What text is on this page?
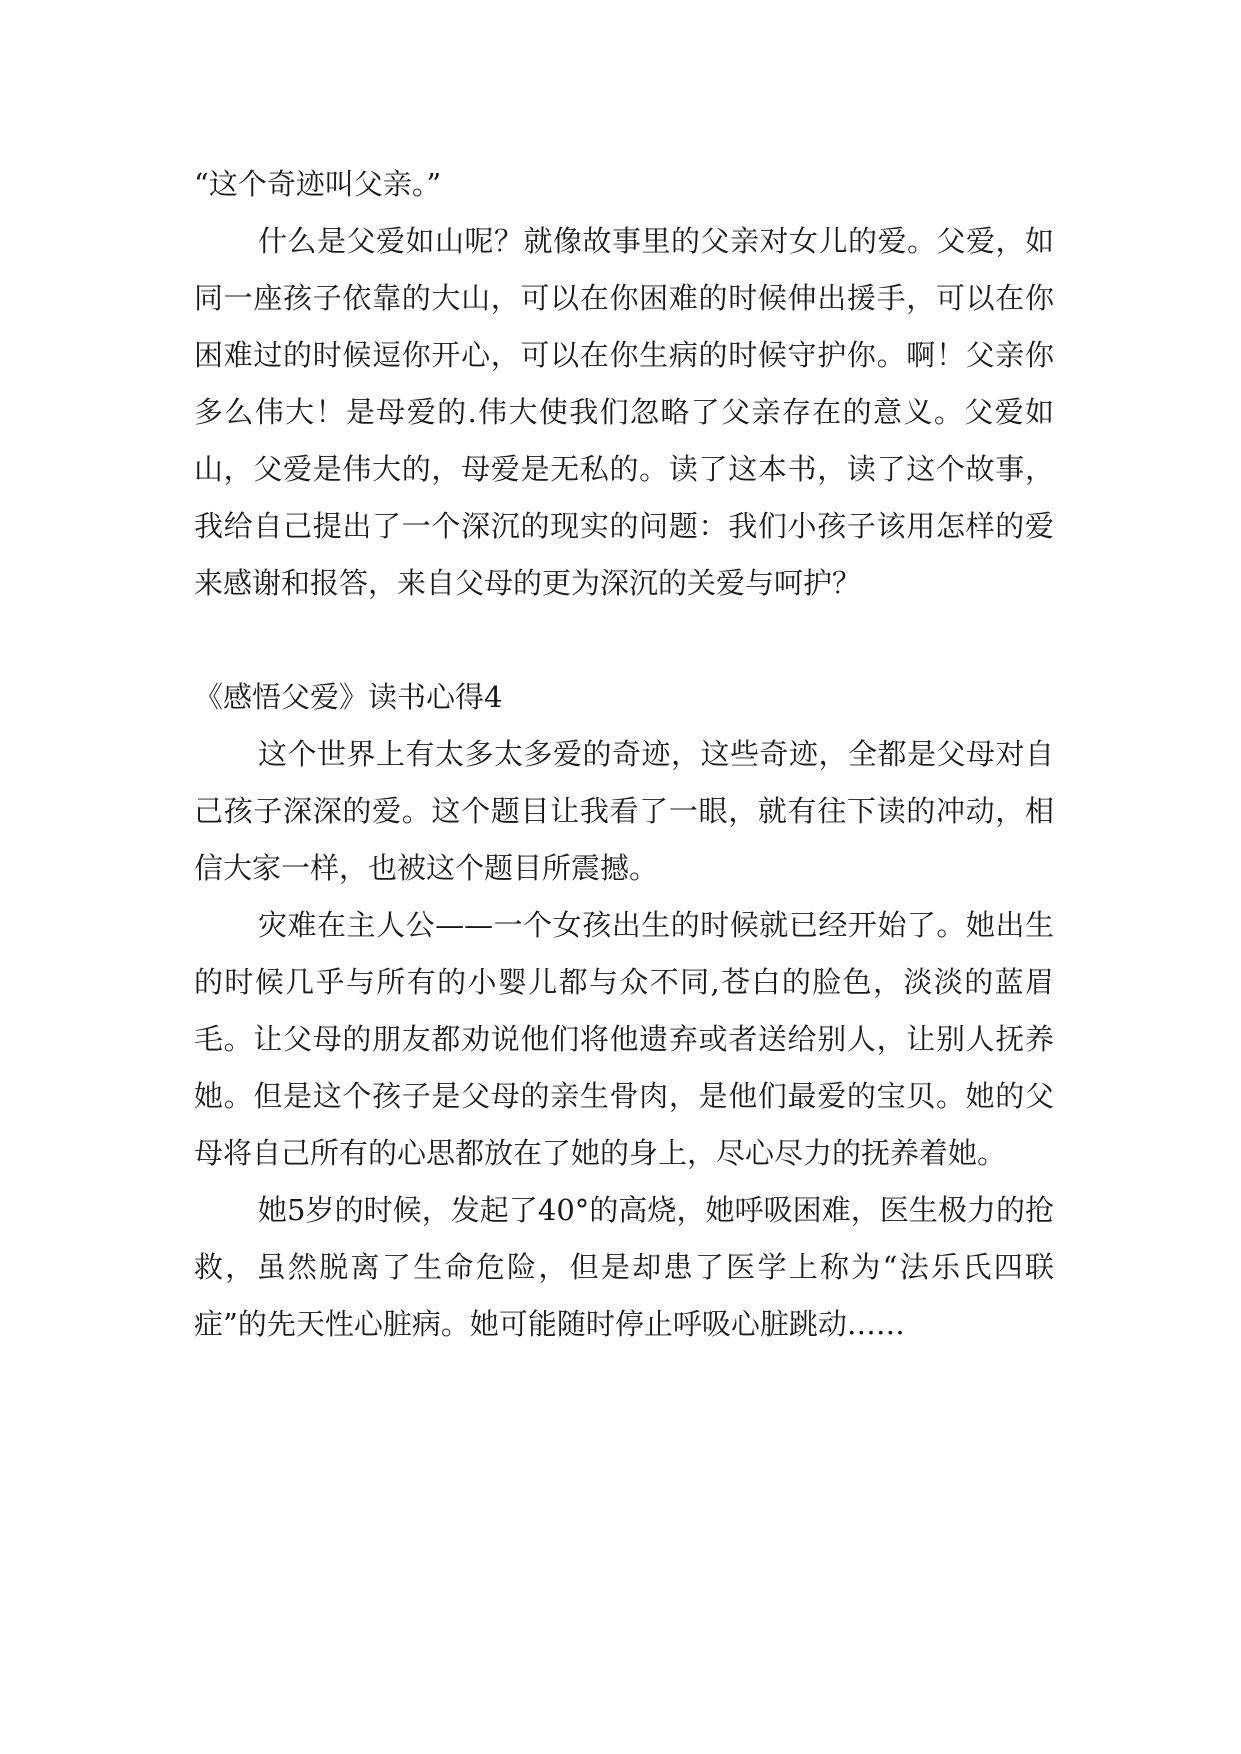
“这个奇迹叫父亲。”

什么是父爱如山呢？就像故事里的父亲对女儿的爱。父爱，如同一座孩子依靠的大山，可以在你困难的时候伸出援手，可以在你困难过的时候逗你开心，可以在你生病的时候守护你。啊！父亲你多么伟大！是母爱的.伟大使我们忽略了父亲存在的意义。父爱如山，父爱是伟大的，母爱是无私的。读了这本书，读了这个故事，我给自己提出了一个深沉的现实的问题：我们小孩子该用怎样的爱来感谢和报答，来自父母的更为深沉的关爱与呵护？

《感悟父爱》读书心得4

这个世界上有太多太多爱的奇迹，这些奇迹，全都是父母对自己孩子深深的爱。这个题目让我看了一眼，就有往下读的冲动，相信大家一样，也被这个题目所震撼。

灾难在主人公——一个女孩出生的时候就已经开始了。她出生的时候几乎与所有的小婴儿都与众不同,苍白的脸色，淡淡的蓝眉毛。让父母的朋友都劝说他们将他遗弃或者送给别人，让别人抚养她。但是这个孩子是父母的亲生骨肉，是他们最爱的宝贝。她的父母将自己所有的心思都放在了她的身上，尽心尽力的抚养着她。

她5岁的时候，发起了40°的高烧，她呼吸困难，医生极力的抢救，虽然脱离了生命危险，但是却患了医学上称为“法乐氏四联症”的先天性心脏病。她可能随时停止呼吸心脏跳动……
